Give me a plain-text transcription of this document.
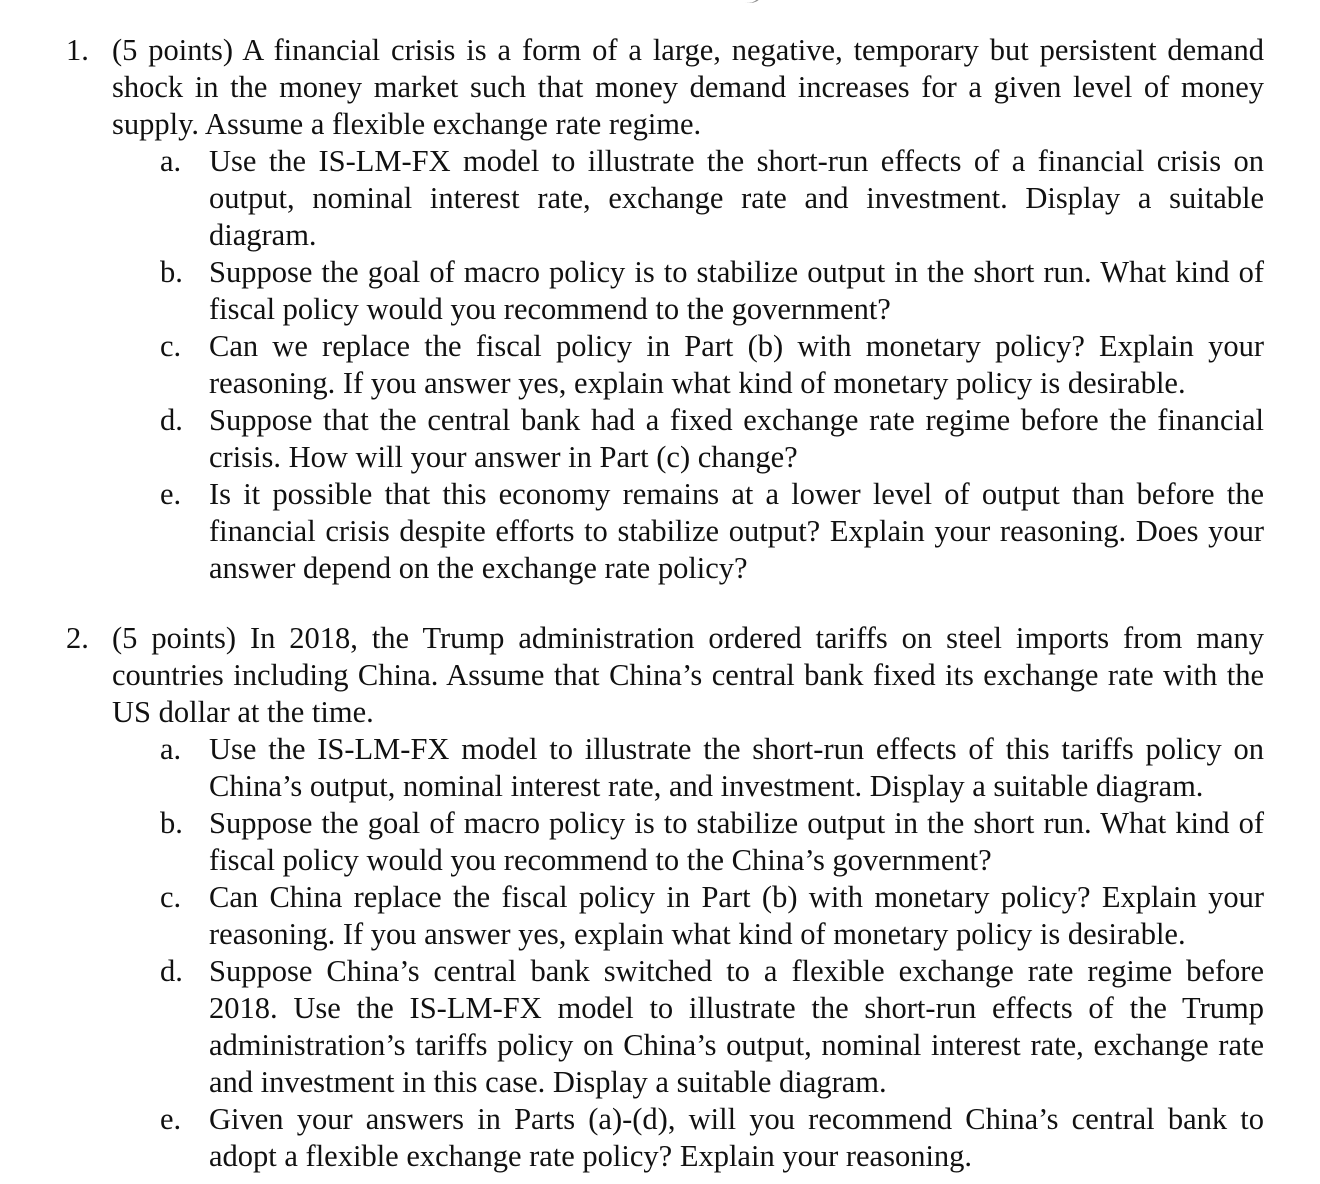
1. (5 points) A financial crisis is a form of a large, negative, temporary but persistent demand shock in the money market such that money demand increases for a given level of money supply. Assume a flexible exchange rate regime.

a. Use the IS-LM-FX model to illustrate the short-run effects of a financial crisis on output, nominal interest rate, exchange rate and investment. Display a suitable diagram.
b. Suppose the goal of macro policy is to stabilize output in the short run. What kind of fiscal policy would you recommend to the government?
c. Can we replace the fiscal policy in Part (b) with monetary policy? Explain your reasoning. If you answer yes, explain what kind of monetary policy is desirable.
d. Suppose that the central bank had a fixed exchange rate regime before the financial crisis. How will your answer in Part (c) change?
e. Is it possible that this economy remains at a lower level of output than before the financial crisis despite efforts to stabilize output? Explain your reasoning. Does your answer depend on the exchange rate policy?
2. (5 points) In 2018, the Trump administration ordered tariffs on steel imports from many countries including China. Assume that China’s central bank fixed its exchange rate with the US dollar at the time.

a. Use the IS-LM-FX model to illustrate the short-run effects of this tariffs policy on China’s output, nominal interest rate, and investment. Display a suitable diagram.
b. Suppose the goal of macro policy is to stabilize output in the short run. What kind of fiscal policy would you recommend to the China’s government?
c. Can China replace the fiscal policy in Part (b) with monetary policy? Explain your reasoning. If you answer yes, explain what kind of monetary policy is desirable.
d. Suppose China’s central bank switched to a flexible exchange rate regime before 2018. Use the IS-LM-FX model to illustrate the short-run effects of the Trump administration’s tariffs policy on China’s output, nominal interest rate, exchange rate and investment in this case. Display a suitable diagram.
e. Given your answers in Parts (a)-(d), will you recommend China’s central bank to adopt a flexible exchange rate policy? Explain your reasoning.
